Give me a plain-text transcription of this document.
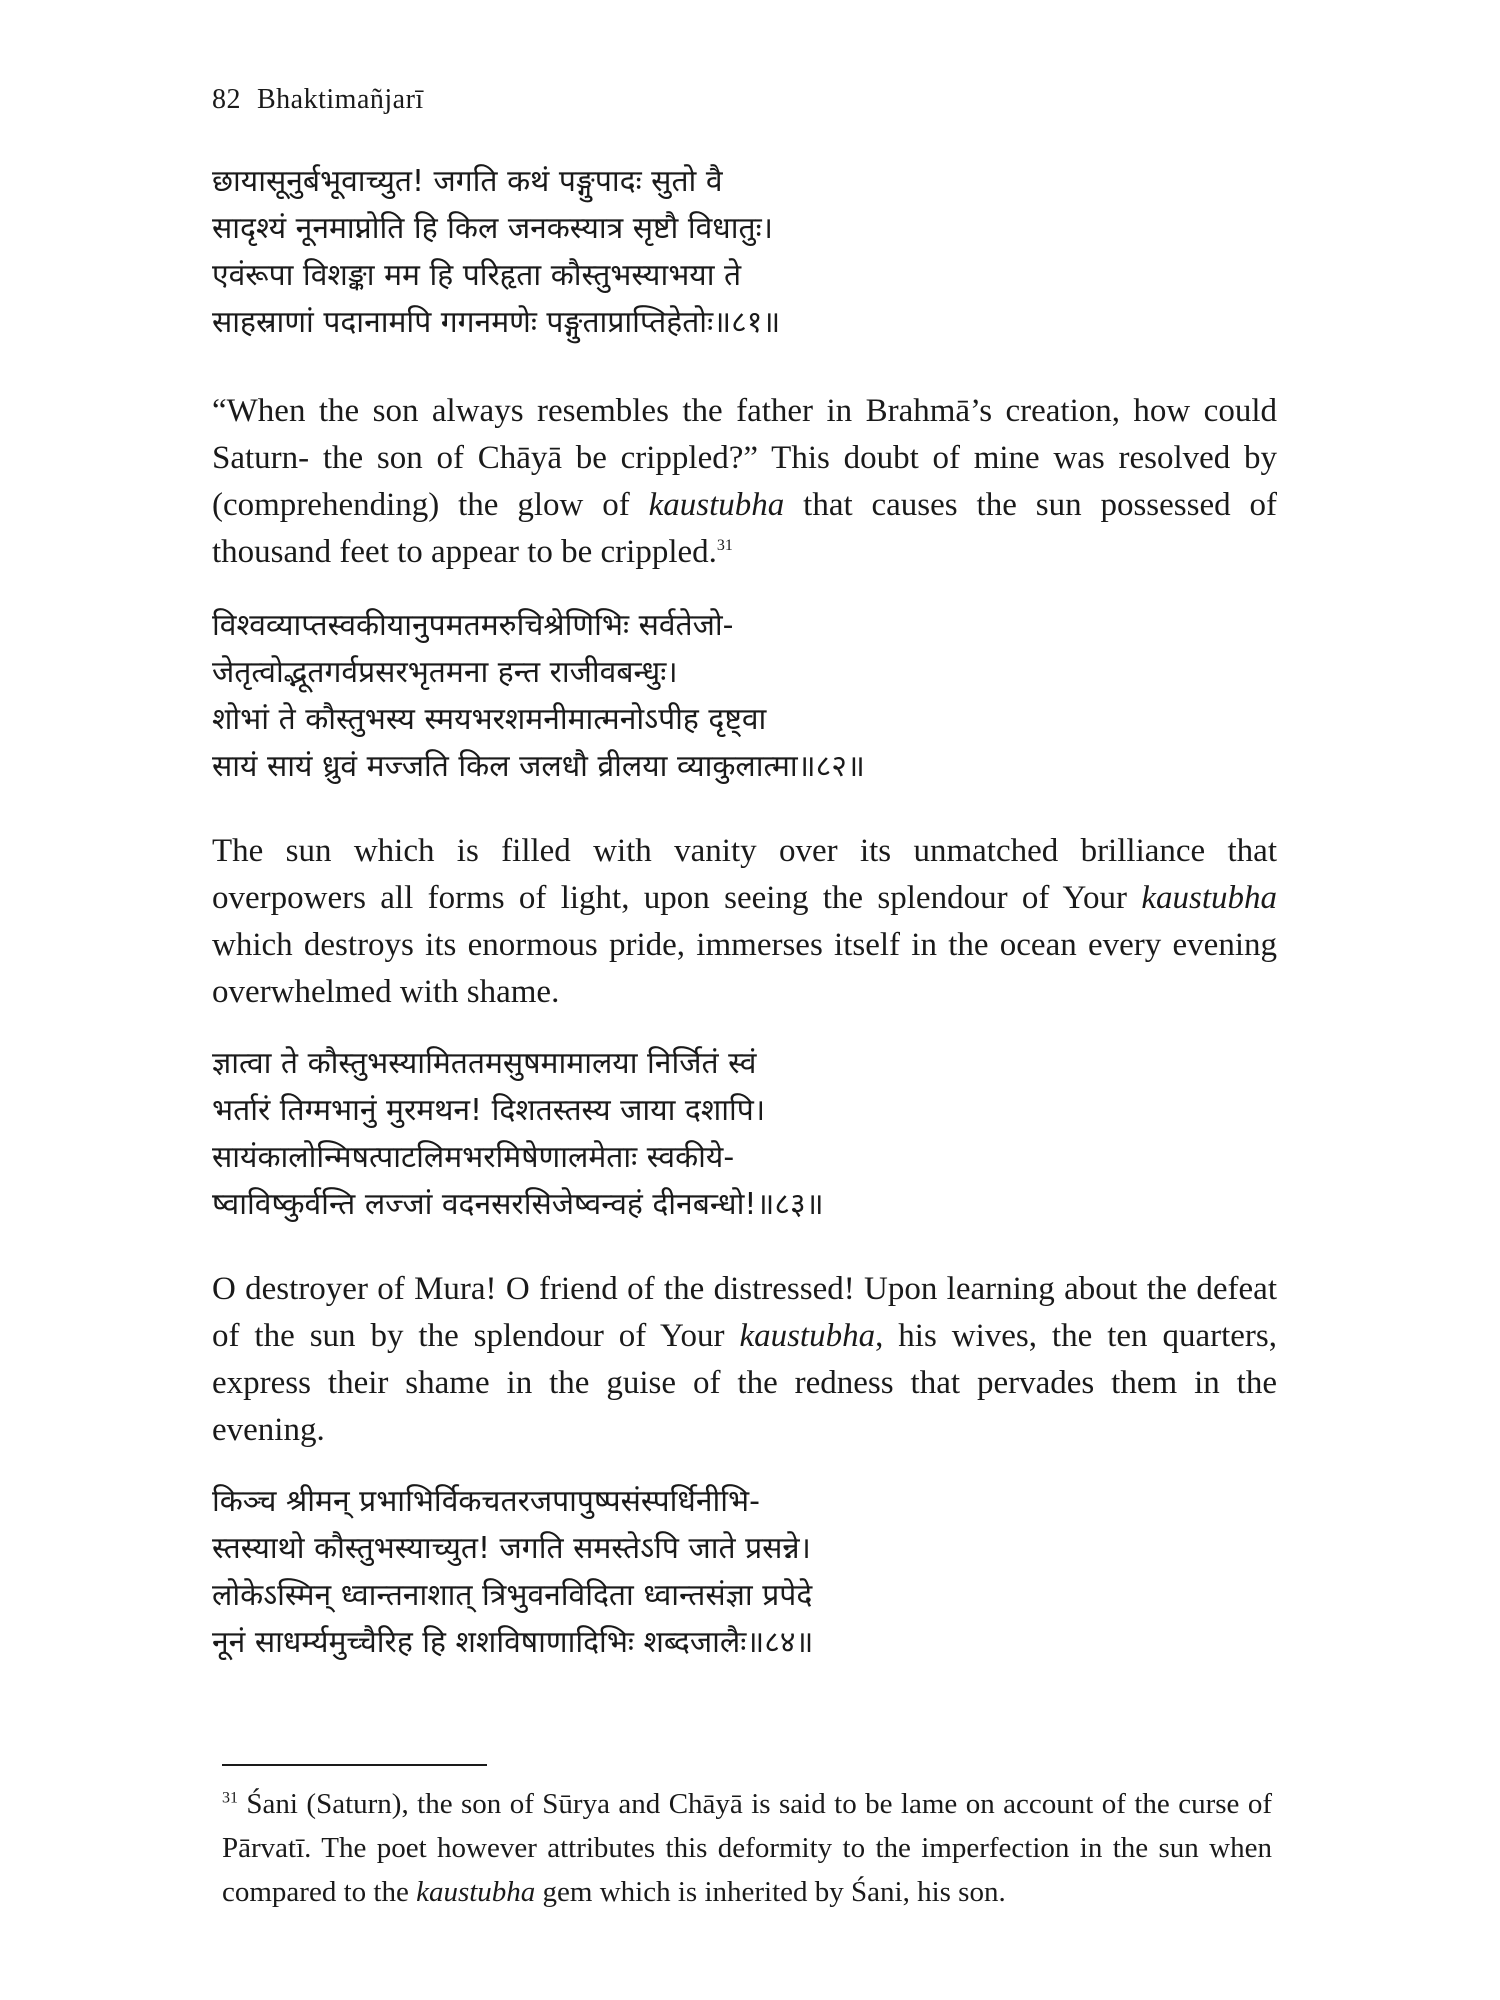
82 Bhaktimañjarī
छायासूनुर्बभूवाच्युत! जगति कथं पङ्गुपादः सुतो वै
सादृश्यं नूनमाप्नोति हि किल जनकस्यात्र सृष्टौ विधातुः।
एवंरूपा विशङ्का मम हि परिहृता कौस्तुभस्याभया ते
साहस्राणां पदानामपि गगनमणेः पङ्गुताप्राप्तिहेतोः॥८१॥
“When the son always resembles the father in Brahmā’s creation, how could Saturn- the son of Chāyā be crippled?” This doubt of mine was resolved by (comprehending) the glow of kaustubha that causes the sun possessed of thousand feet to appear to be crippled.$^{31}$
विश्वव्याप्तस्वकीयानुपमतमरुचिश्रेणिभिः सर्वतेजो-
जेतृत्वोद्भूतगर्वप्रसरभृतमना हन्त राजीवबन्धुः।
शोभां ते कौस्तुभस्य स्मयभरशमनीमात्मनोऽपीह दृष्ट्वा
सायं सायं ध्रुवं मज्जति किल जलधौ व्रीलया व्याकुलात्मा॥८२॥
The sun which is filled with vanity over its unmatched brilliance that overpowers all forms of light, upon seeing the splendour of Your kaustubha which destroys its enormous pride, immerses itself in the ocean every evening overwhelmed with shame.
ज्ञात्वा ते कौस्तुभस्यामिततमसुषमामालया निर्जितं स्वं
भर्तारं तिग्मभानुं मुरमथन! दिशतस्तस्य जाया दशापि।
सायंकालोन्मिषत्पाटलिमभरमिषेणालमेताः स्वकीये-
ष्वाविष्कुर्वन्ति लज्जां वदनसरसिजेष्वन्वहं दीनबन्धो!॥८३॥
O destroyer of Mura! O friend of the distressed! Upon learning about the defeat of the sun by the splendour of Your kaustubha, his wives, the ten quarters, express their shame in the guise of the redness that pervades them in the evening.
किञ्च श्रीमन् प्रभाभिर्विकचतरजपापुष्पसंस्पर्धिनीभि-
स्तस्याथो कौस्तुभस्याच्युत! जगति समस्तेऽपि जाते प्रसन्ने।
लोकेऽस्मिन् ध्वान्तनाशात् त्रिभुवनविदिता ध्वान्तसंज्ञा प्रपेदे
नूनं साधर्म्यमुच्चैरिह हि शशविषाणादिभिः शब्दजालैः॥८४॥
$^{31}$ Śani (Saturn), the son of Sūrya and Chāyā is said to be lame on account of the curse of Pārvatī. The poet however attributes this deformity to the imperfection in the sun when compared to the kaustubha gem which is inherited by Śani, his son.
